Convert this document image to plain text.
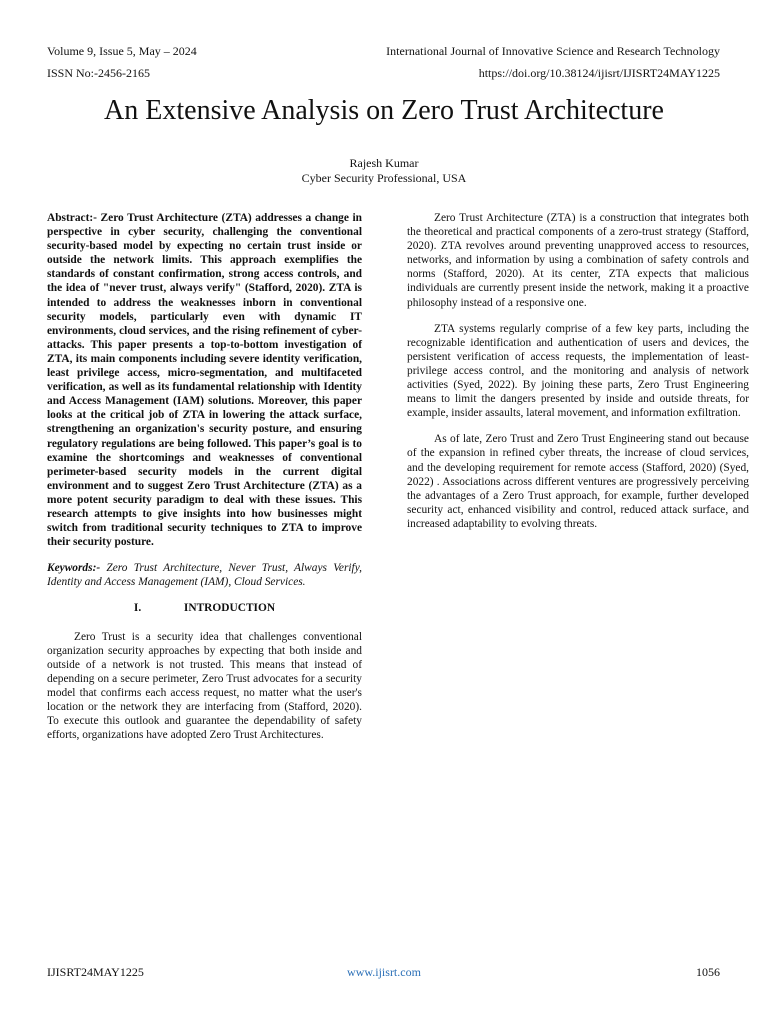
Volume 9, Issue 5, May – 2024	International Journal of Innovative Science and Research Technology
ISSN No:-2456-2165	https://doi.org/10.38124/ijisrt/IJISRT24MAY1225
An Extensive Analysis on Zero Trust Architecture
Rajesh Kumar
Cyber Security Professional, USA

Abstract:- Zero Trust Architecture (ZTA) addresses a change in perspective in cyber security, challenging the conventional security-based model by expecting no certain trust inside or outside the network limits. This approach exemplifies the standards of constant confirmation, strong access controls, and the idea of "never trust, always verify" (Stafford, 2020). ZTA is intended to address the weaknesses inborn in conventional security models, particularly even with dynamic IT environments, cloud services, and the rising refinement of cyber-attacks. This paper presents a top-to-bottom investigation of ZTA, its main components including severe identity verification, least privilege access, micro-segmentation, and multifaceted verification, as well as its fundamental relationship with Identity and Access Management (IAM) solutions. Moreover, this paper looks at the critical job of ZTA in lowering the attack surface, strengthening an organization's security posture, and ensuring regulatory regulations are being followed. This paper’s goal is to examine the shortcomings and weaknesses of conventional perimeter-based security models in the current digital environment and to suggest Zero Trust Architecture (ZTA) as a more potent security paradigm to deal with these issues. This research attempts to give insights into how businesses might switch from traditional security techniques to ZTA to improve their security posture.

Keywords:- Zero Trust Architecture, Never Trust, Always Verify, Identity and Access Management (IAM), Cloud Services.

I.	INTRODUCTION

Zero Trust is a security idea that challenges conventional organization security approaches by expecting that both inside and outside of a network is not trusted. This means that instead of depending on a secure perimeter, Zero Trust advocates for a security model that confirms each access request, no matter what the user's location or the network they are interfacing from (Stafford, 2020). To execute this outlook and guarantee the dependability of safety efforts, organizations have adopted Zero Trust Architectures.

Zero Trust Architecture (ZTA) is a construction that integrates both the theoretical and practical components of a zero-trust strategy (Stafford, 2020). ZTA revolves around preventing unapproved access to resources, networks, and information by using a combination of safety controls and norms (Stafford, 2020). At its center, ZTA expects that malicious individuals are currently present inside the network, making it a proactive philosophy instead of a responsive one.

ZTA systems regularly comprise of a few key parts, including the recognizable identification and authentication of users and devices, the persistent verification of access requests, the implementation of least-privilege access control, and the monitoring and analysis of network activities (Syed, 2022). By joining these parts, Zero Trust Engineering means to limit the dangers presented by inside and outside threats, for example, insider assaults, lateral movement, and information exfiltration.

As of late, Zero Trust and Zero Trust Engineering stand out because of the expansion in refined cyber threats, the increase of cloud services, and the developing requirement for remote access (Stafford, 2020) (Syed, 2022) . Associations across different ventures are progressively perceiving the advantages of a Zero Trust approach, for example, further developed security act, enhanced visibility and control, reduced attack surface, and increased adaptability to evolving threats.

IJISRT24MAY1225	www.ijisrt.com	1056
